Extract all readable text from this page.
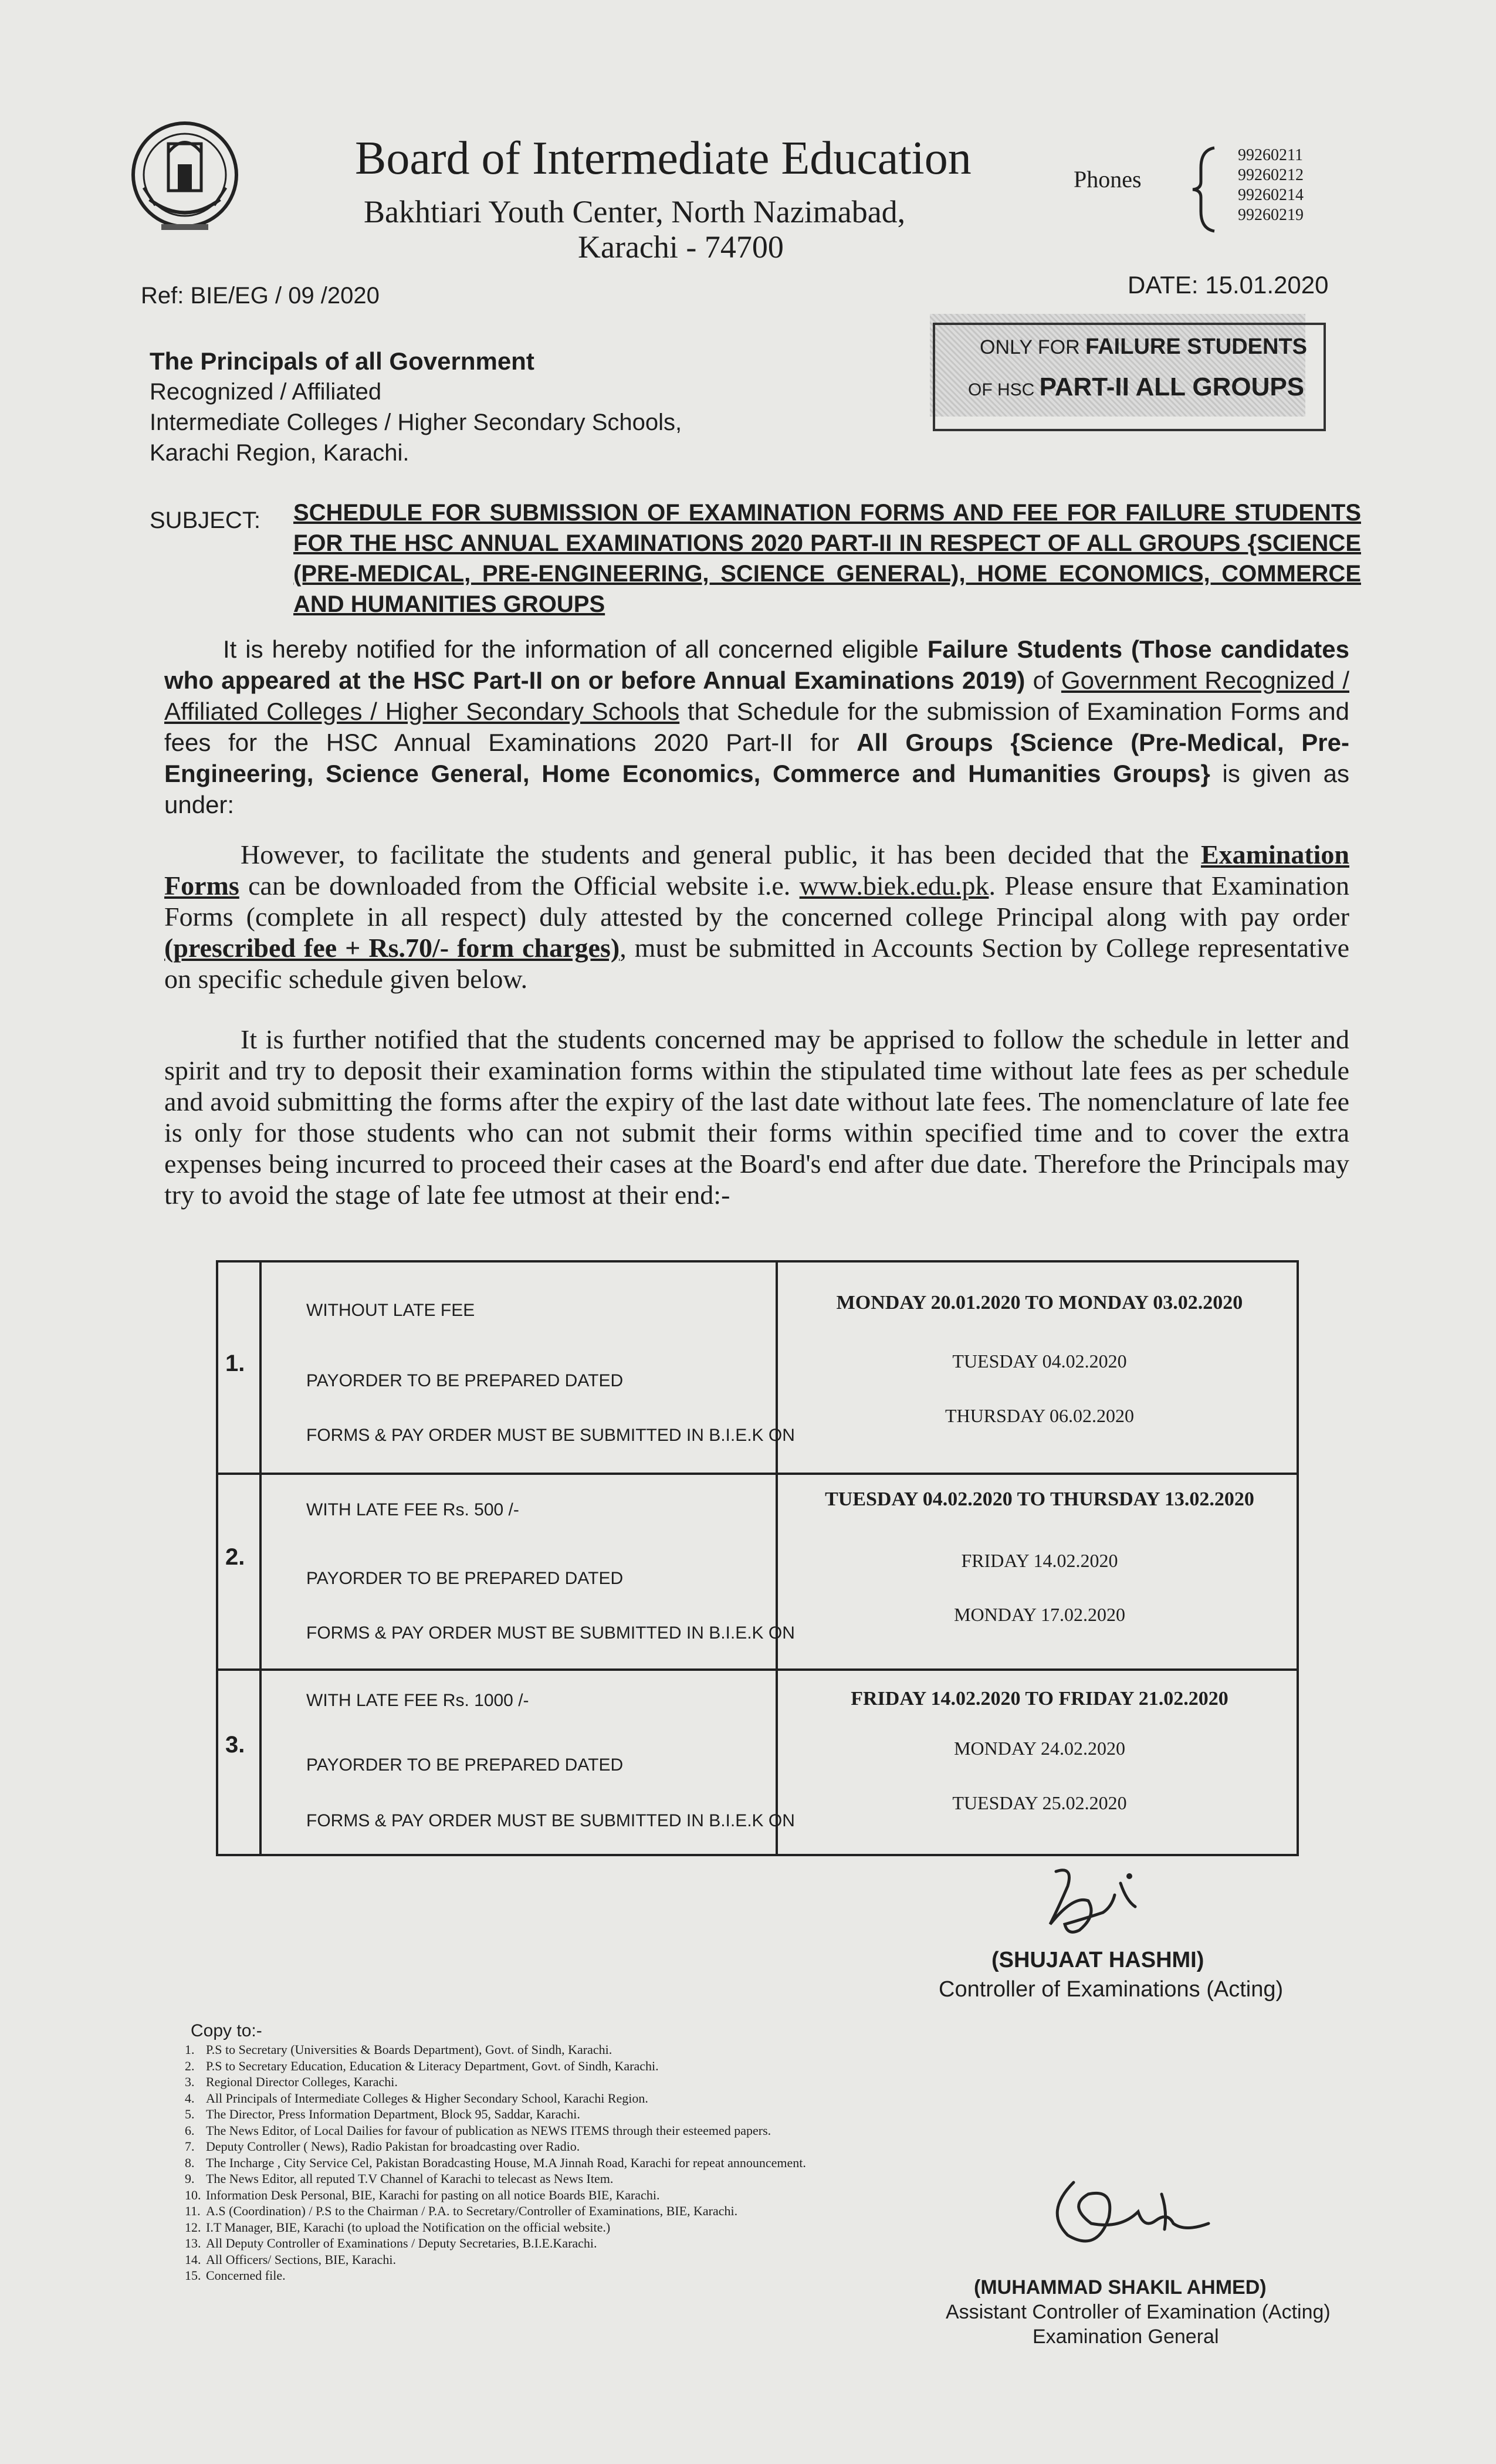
Board of Intermediate Education
Bakhtiari Youth Center, North Nazimabad,
Karachi - 74700
Phones
99260211
99260212
99260214
99260219
Ref: BIE/EG / 09 /2020	DATE: 15.01.2020
ONLY FOR FAILURE STUDENTS
OF HSC PART-II ALL GROUPS
The Principals of all Government
Recognized / Affiliated
Intermediate Colleges / Higher Secondary Schools,
Karachi Region, Karachi.
SUBJECT: SCHEDULE FOR SUBMISSION OF EXAMINATION FORMS AND FEE FOR FAILURE STUDENTS FOR THE HSC ANNUAL EXAMINATIONS 2020 PART-II IN RESPECT OF ALL GROUPS {SCIENCE (PRE-MEDICAL, PRE-ENGINEERING, SCIENCE GENERAL), HOME ECONOMICS, COMMERCE AND HUMANITIES GROUPS
It is hereby notified for the information of all concerned eligible Failure Students (Those candidates who appeared at the HSC Part-II on or before Annual Examinations 2019) of Government Recognized / Affiliated Colleges / Higher Secondary Schools that Schedule for the submission of Examination Forms and fees for the HSC Annual Examinations 2020 Part-II for All Groups {Science (Pre-Medical, Pre-Engineering, Science General, Home Economics, Commerce and Humanities Groups} is given as under:
However, to facilitate the students and general public, it has been decided that the Examination Forms can be downloaded from the Official website i.e. www.biek.edu.pk. Please ensure that Examination Forms (complete in all respect) duly attested by the concerned college Principal along with pay order (prescribed fee + Rs.70/- form charges), must be submitted in Accounts Section by College representative on specific schedule given below.
It is further notified that the students concerned may be apprised to follow the schedule in letter and spirit and try to deposit their examination forms within the stipulated time without late fees as per schedule and avoid submitting the forms after the expiry of the last date without late fees. The nomenclature of late fee is only for those students who can not submit their forms within specified time and to cover the extra expenses being incurred to proceed their cases at the Board's end after due date. Therefore the Principals may try to avoid the stage of late fee utmost at their end:-
1.
WITHOUT LATE FEE
PAYORDER TO BE PREPARED DATED
FORMS & PAY ORDER MUST BE SUBMITTED IN B.I.E.K ON
MONDAY 20.01.2020 TO MONDAY 03.02.2020
TUESDAY 04.02.2020
THURSDAY 06.02.2020
2.
WITH LATE FEE Rs. 500 /-
PAYORDER TO BE PREPARED DATED
FORMS & PAY ORDER MUST BE SUBMITTED IN B.I.E.K ON
TUESDAY 04.02.2020 TO THURSDAY 13.02.2020
FRIDAY 14.02.2020
MONDAY 17.02.2020
3.
WITH LATE FEE Rs. 1000 /-
PAYORDER TO BE PREPARED DATED
FORMS & PAY ORDER MUST BE SUBMITTED IN B.I.E.K ON
FRIDAY 14.02.2020 TO FRIDAY 21.02.2020
MONDAY 24.02.2020
TUESDAY 25.02.2020
(SHUJAAT HASHMI)
Controller of Examinations (Acting)
Copy to:-
1. P.S to Secretary (Universities & Boards Department), Govt. of Sindh, Karachi.
2. P.S to Secretary Education, Education & Literacy Department, Govt. of Sindh, Karachi.
3. Regional Director Colleges, Karachi.
4. All Principals of Intermediate Colleges & Higher Secondary School, Karachi Region.
5. The Director, Press Information Department, Block 95, Saddar, Karachi.
6. The News Editor, of Local Dailies for favour of publication as NEWS ITEMS through their esteemed papers.
7. Deputy Controller ( News), Radio Pakistan for broadcasting over Radio.
8. The Incharge , City Service Cel, Pakistan Boradcasting House, M.A Jinnah Road, Karachi for repeat announcement.
9. The News Editor, all reputed T.V Channel of Karachi to telecast as News Item.
10. Information Desk Personal, BIE, Karachi for pasting on all notice Boards BIE, Karachi.
11. A.S (Coordination) / P.S to the Chairman / P.A. to Secretary/Controller of Examinations, BIE, Karachi.
12. I.T Manager, BIE, Karachi (to upload the Notification on the official website.)
13. All Deputy Controller of Examinations / Deputy Secretaries, B.I.E.Karachi.
14. All Officers/ Sections, BIE, Karachi.
15. Concerned file.
(MUHAMMAD SHAKIL AHMED)
Assistant Controller of Examination (Acting)
Examination General
